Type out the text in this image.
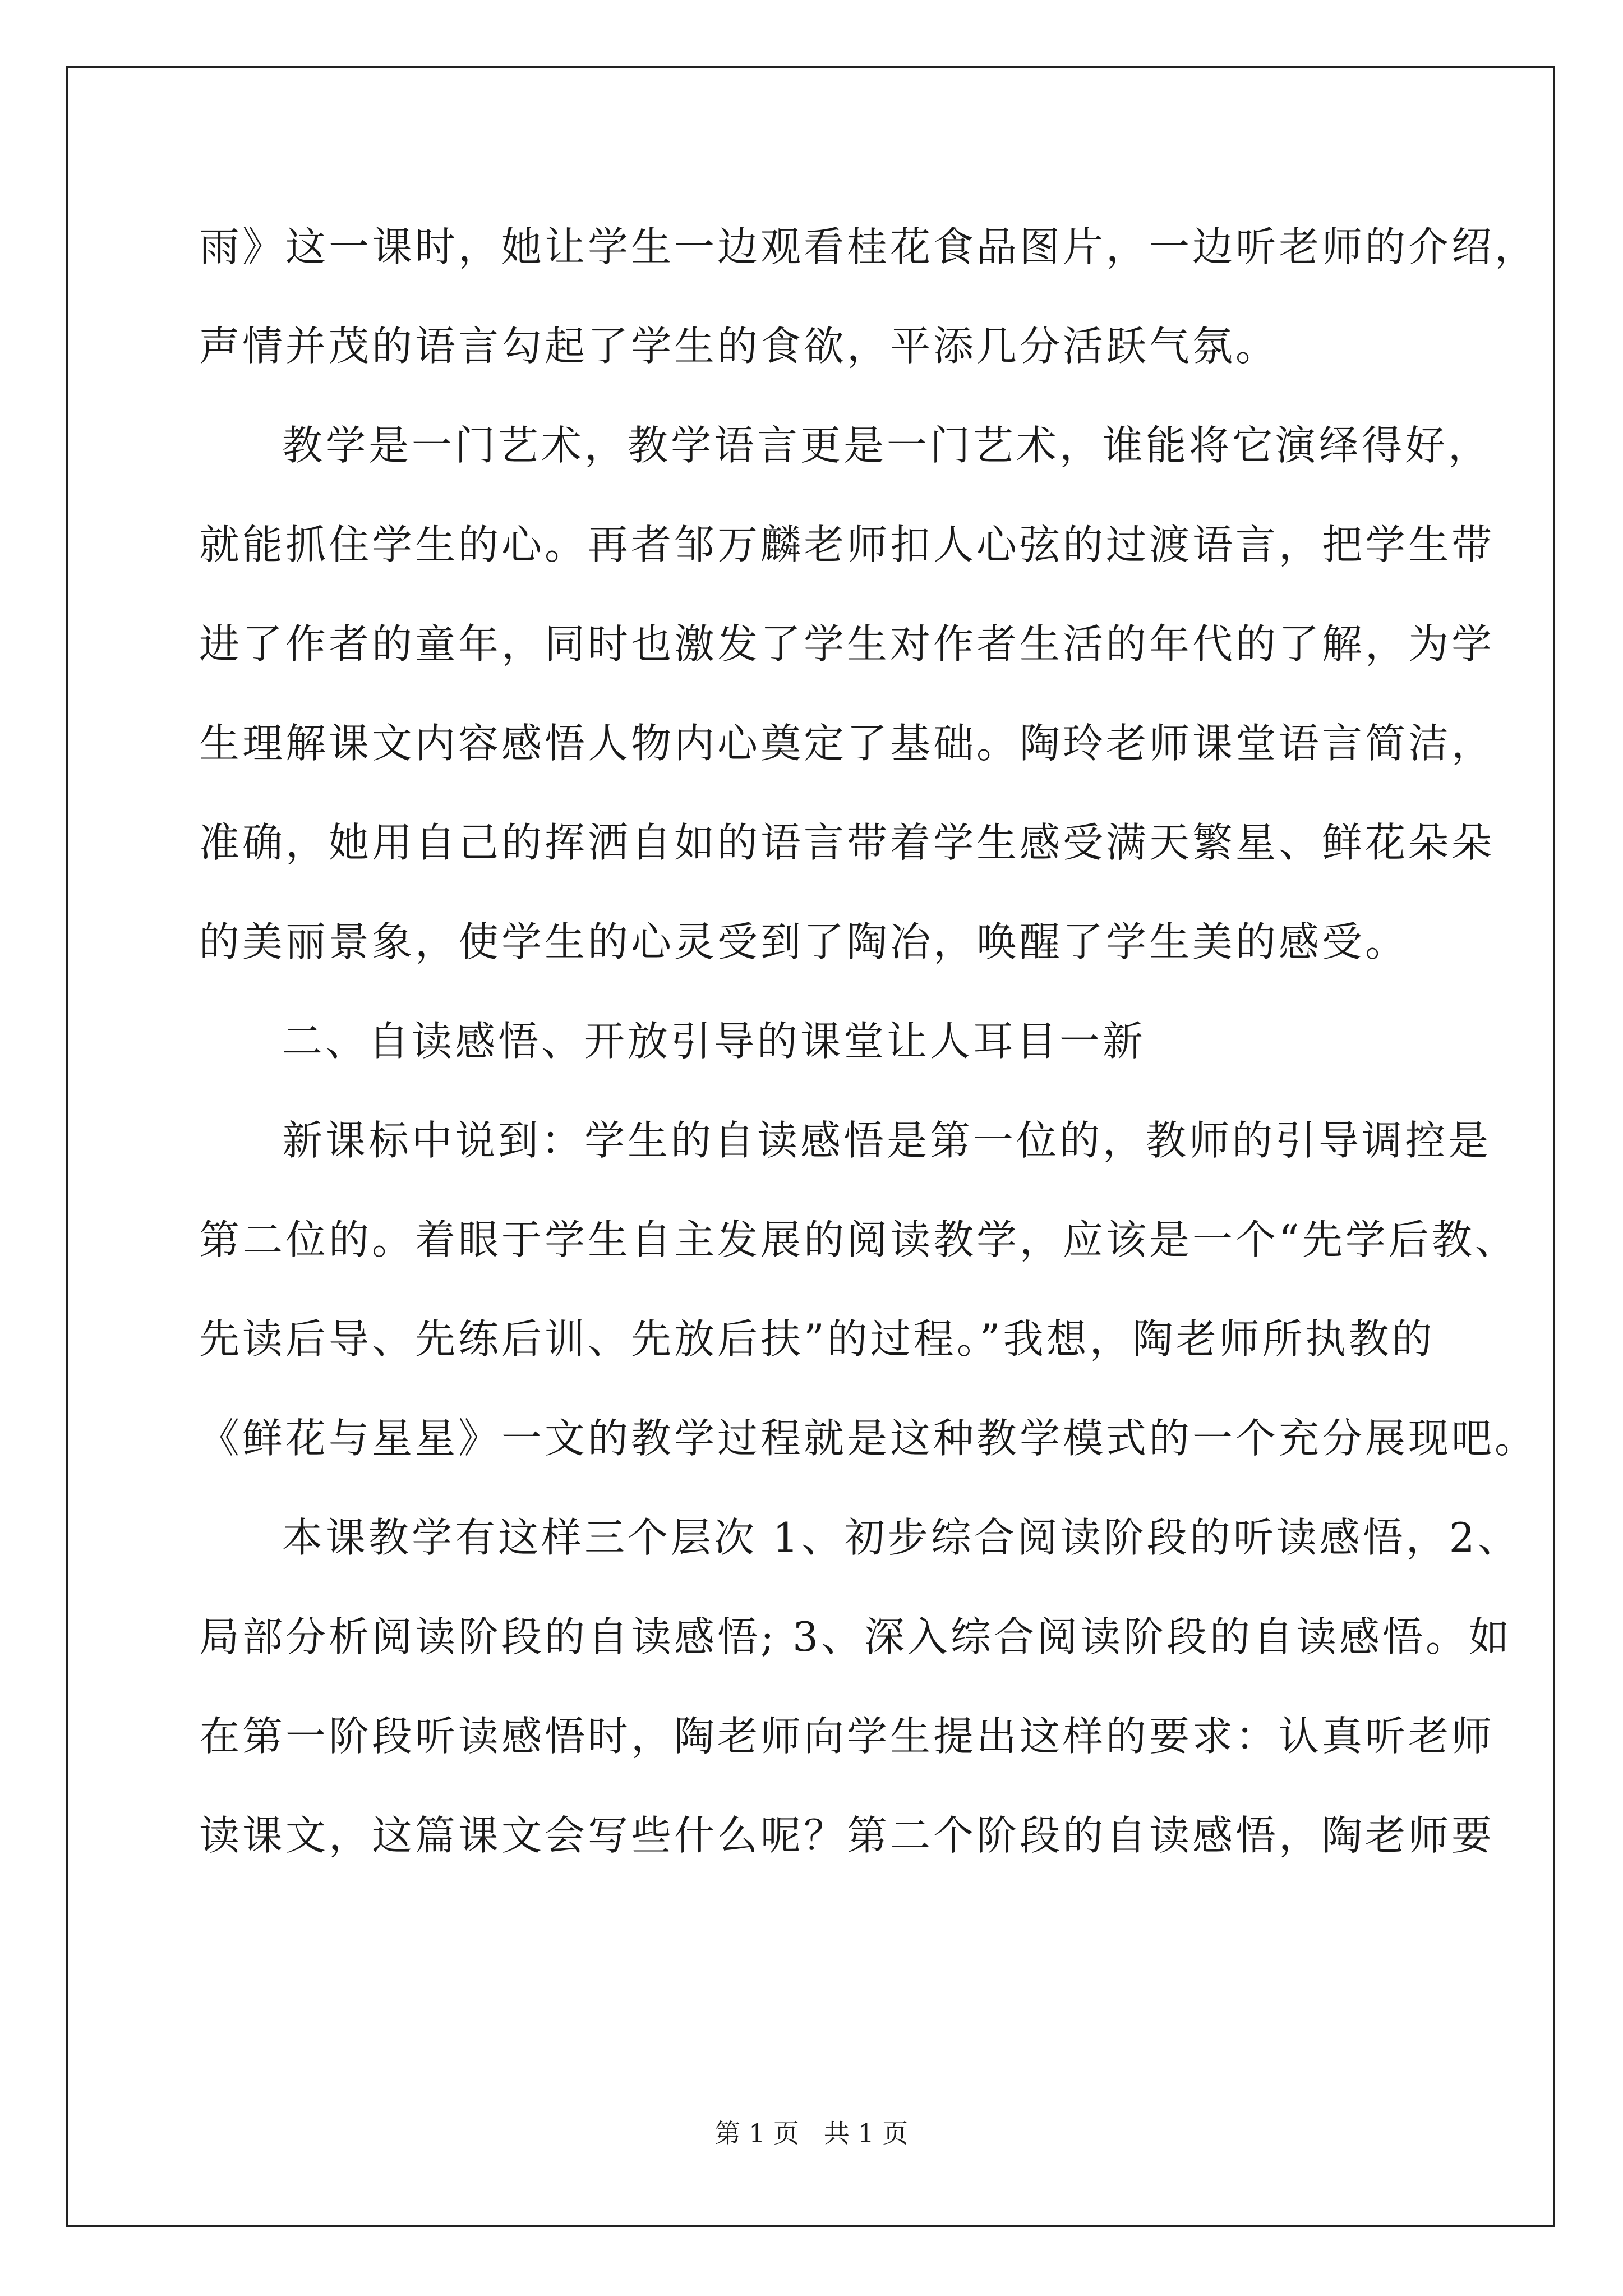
雨》这一课时，她让学生一边观看桂花食品图片，一边听老师的介绍，
声情并茂的语言勾起了学生的食欲，平添几分活跃气氛。
教学是一门艺术，教学语言更是一门艺术，谁能将它演绎得好，
就能抓住学生的心。再者邹万麟老师扣人心弦的过渡语言，把学生带
进了作者的童年，同时也激发了学生对作者生活的年代的了解，为学
生理解课文内容感悟人物内心奠定了基础。陶玲老师课堂语言简洁，
准确，她用自己的挥洒自如的语言带着学生感受满天繁星、鲜花朵朵
的美丽景象，使学生的心灵受到了陶冶，唤醒了学生美的感受。
二、自读感悟、开放引导的课堂让人耳目一新
新课标中说到：学生的自读感悟是第一位的，教师的引导调控是
第二位的。着眼于学生自主发展的阅读教学，应该是一个“先学后教、
先读后导、先练后训、先放后扶”的过程。”我想，陶老师所执教的
《鲜花与星星》一文的教学过程就是这种教学模式的一个充分展现吧。
本课教学有这样三个层次 1、初步综合阅读阶段的听读感悟，2、
局部分析阅读阶段的自读感悟; 3、深入综合阅读阶段的自读感悟。如
在第一阶段听读感悟时，陶老师向学生提出这样的要求：认真听老师
读课文，这篇课文会写些什么呢？第二个阶段的自读感悟，陶老师要
第 1 页   共 1 页
